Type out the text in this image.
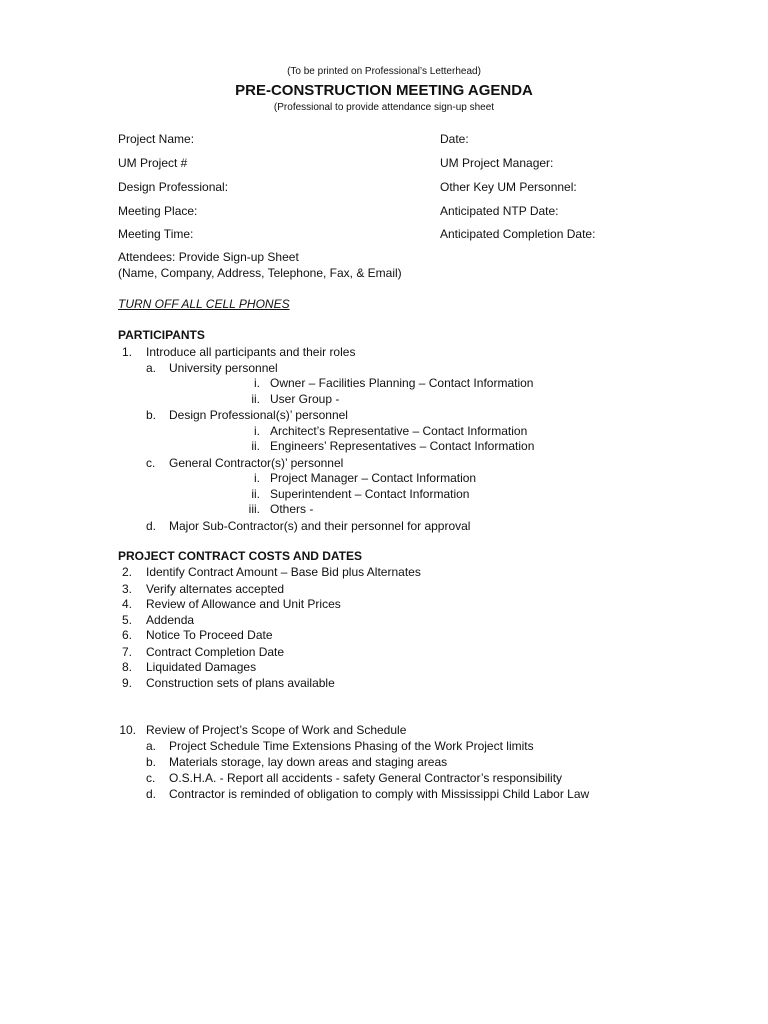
(To be printed on Professional’s Letterhead)
PRE-CONSTRUCTION MEETING AGENDA
(Professional to provide attendance sign-up sheet
Project Name:
UM Project #
Design Professional:
Meeting Place:
Meeting Time:
Date:
UM Project Manager:
Other Key UM Personnel:
Anticipated NTP Date:
Anticipated Completion Date:
Attendees: Provide Sign-up Sheet
(Name, Company, Address, Telephone, Fax, & Email)
TURN OFF ALL CELL PHONES
PARTICIPANTS
1. Introduce all participants and their roles
a. University personnel
i. Owner – Facilities Planning – Contact Information
ii. User Group -
b. Design Professional(s)’ personnel
i. Architect’s Representative – Contact Information
ii. Engineers’ Representatives – Contact Information
c. General Contractor(s)’ personnel
i. Project Manager – Contact Information
ii. Superintendent – Contact Information
iii. Others -
d. Major Sub-Contractor(s) and their personnel for approval
PROJECT CONTRACT COSTS AND DATES
2. Identify Contract Amount – Base Bid plus Alternates
3. Verify alternates accepted
4. Review of Allowance and Unit Prices
5. Addenda
6. Notice To Proceed Date
7. Contract Completion Date
8. Liquidated Damages
9. Construction sets of plans available
10. Review of Project’s Scope of Work and Schedule
a. Project Schedule Time Extensions Phasing of the Work Project limits
b. Materials storage, lay down areas and staging areas
c. O.S.H.A. - Report all accidents - safety General Contractor’s responsibility
d. Contractor is reminded of obligation to comply with Mississippi Child Labor Law
